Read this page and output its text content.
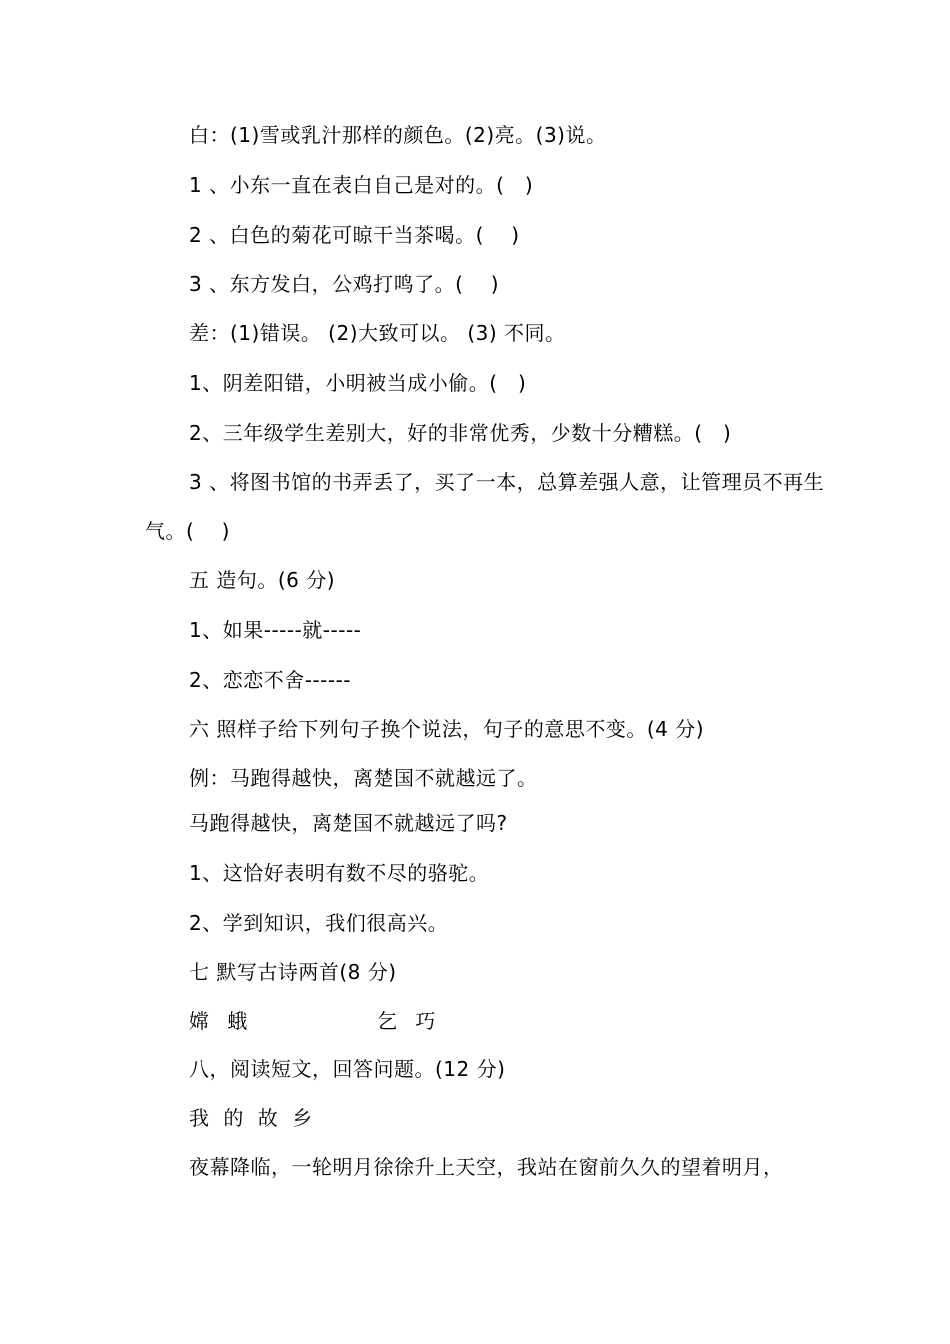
白：(1)雪或乳汁那样的颜色。(2)亮。(3)说。
1 、小东一直在表白自己是对的。(　)
2 、白色的菊花可晾干当茶喝。(　 )
3 、东方发白，公鸡打鸣了。(　 )
差：(1)错误。 (2)大致可以。 (3) 不同。
1、阴差阳错，小明被当成小偷。(　)
2、三年级学生差别大，好的非常优秀，少数十分糟糕。(　)
3 、将图书馆的书弄丢了，买了一本，总算差强人意，让管理员不再生气。(　 )
五 造句。(6 分)
1、如果-----就-----
2、恋恋不舍------
六 照样子给下列句子换个说法，句子的意思不变。(4 分)
例：马跑得越快，离楚国不就越远了。
马跑得越快，离楚国不就越远了吗?
1、这恰好表明有数不尽的骆驼。
2、学到知识，我们很高兴。
七 默写古诗两首(8 分)
嫦 蛾	乞 巧
八，阅读短文，回答问题。(12 分)
我 的 故 乡
夜幕降临，一轮明月徐徐升上天空，我站在窗前久久的望着明月，
